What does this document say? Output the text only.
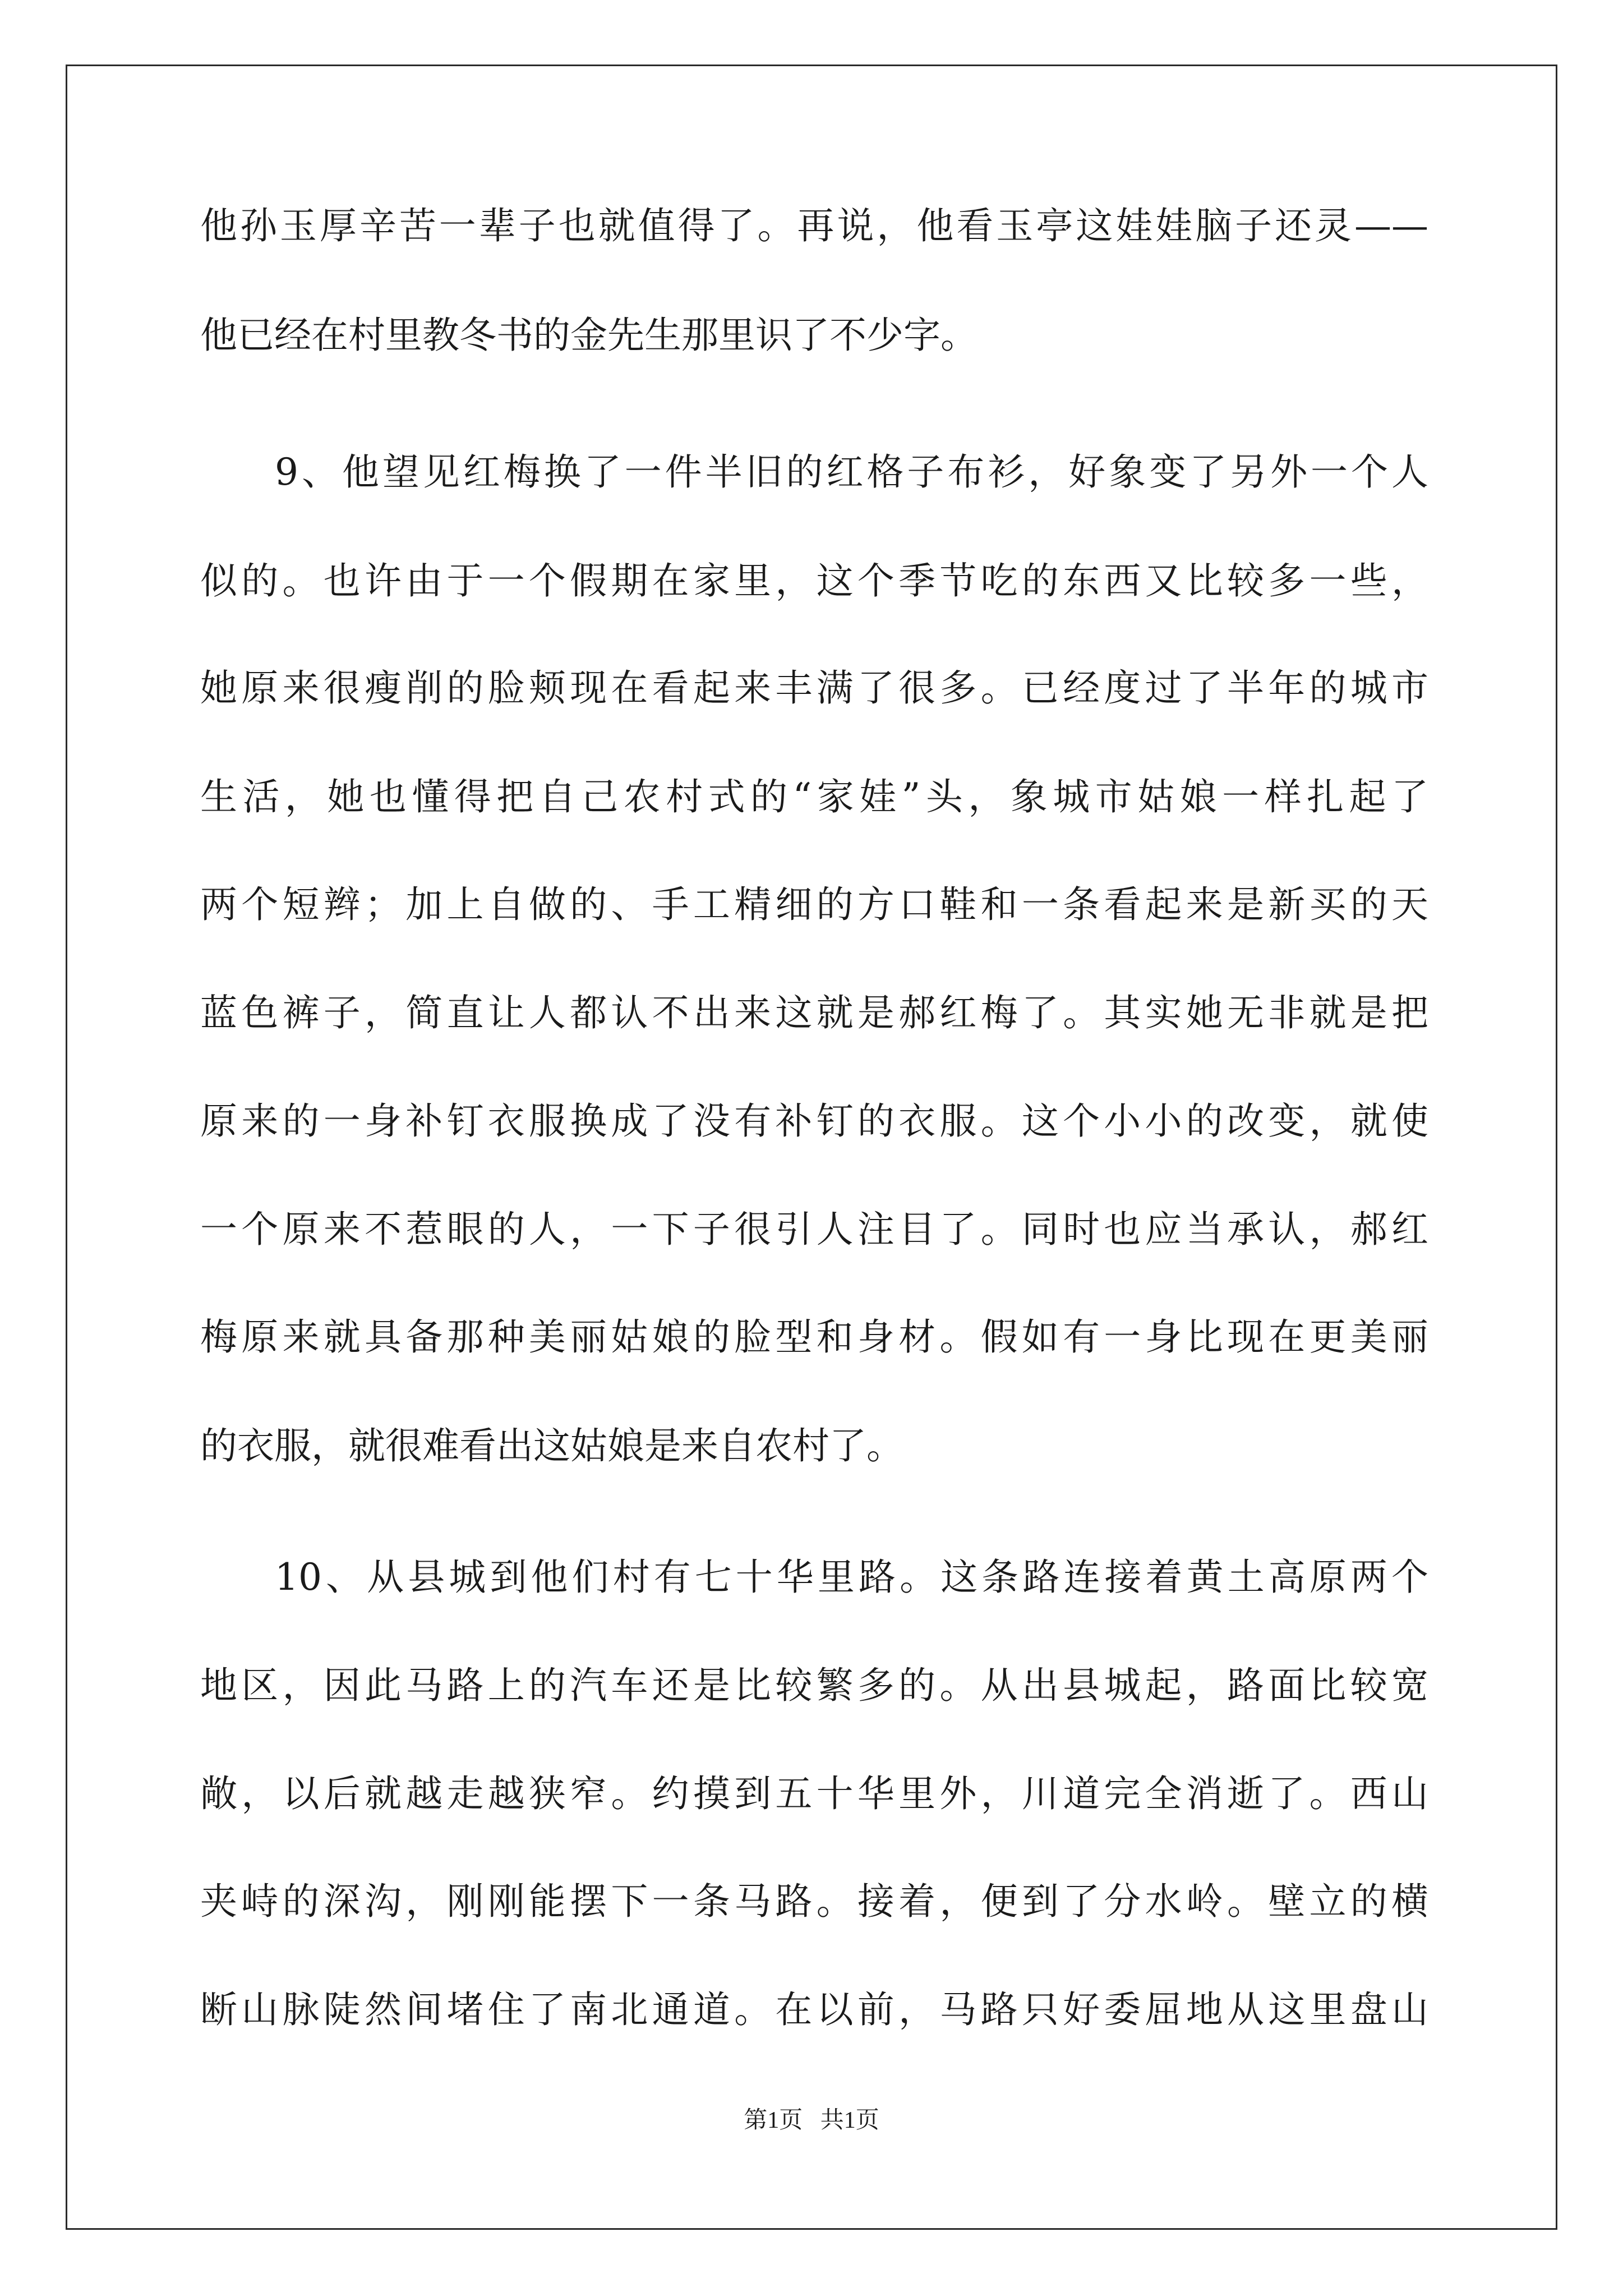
他孙玉厚辛苦一辈子也就值得了。再说，他看玉亭这娃娃脑子还灵——
他已经在村里教冬书的金先生那里识了不少字。
9、他望见红梅换了一件半旧的红格子布衫，好象变了另外一个人
似的。也许由于一个假期在家里，这个季节吃的东西又比较多一些，
她原来很瘦削的脸颊现在看起来丰满了很多。已经度过了半年的城市
生活，她也懂得把自己农村式的“家娃”头，象城市姑娘一样扎起了
两个短辫；加上自做的、手工精细的方口鞋和一条看起来是新买的天
蓝色裤子，简直让人都认不出来这就是郝红梅了。其实她无非就是把
原来的一身补钉衣服换成了没有补钉的衣服。这个小小的改变，就使
一个原来不惹眼的人，一下子很引人注目了。同时也应当承认，郝红
梅原来就具备那种美丽姑娘的脸型和身材。假如有一身比现在更美丽
的衣服，就很难看出这姑娘是来自农村了。
10、从县城到他们村有七十华里路。这条路连接着黄土高原两个
地区，因此马路上的汽车还是比较繁多的。从出县城起，路面比较宽
敞，以后就越走越狭窄。约摸到五十华里外，川道完全消逝了。西山
夹峙的深沟，刚刚能摆下一条马路。接着，便到了分水岭。壁立的横
断山脉陡然间堵住了南北通道。在以前，马路只好委屈地从这里盘山
第1页 共1页
